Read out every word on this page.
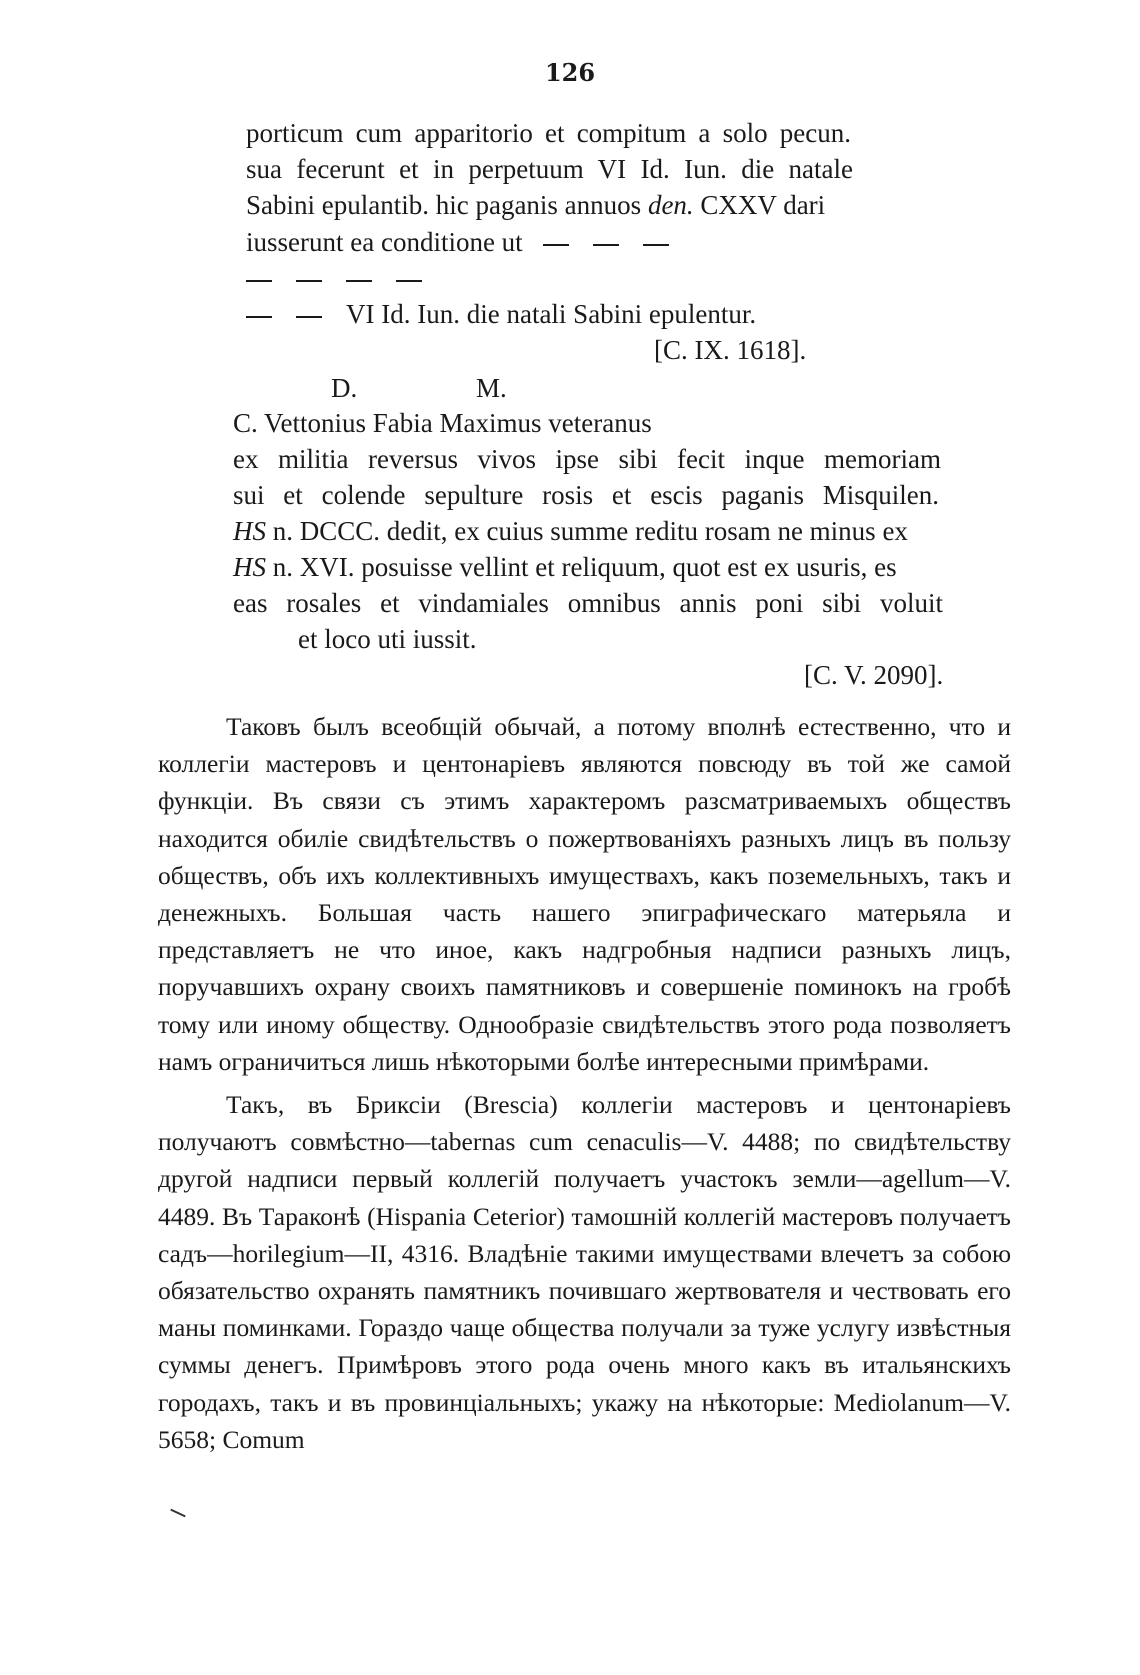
126
porticum cum apparitorio et compitum a solo pecun.
sua fecerunt et in perpetuum VI Id. Iun. die natale
Sabini epulantib. hic paganis annuos den. CXXV dari
iusserunt ea conditione ut
VI Id. Iun. die natali Sabini epulentur.
[C. IX. 1618].
D.	M.
C. Vettonius Fabia Maximus veteranus
ex militia reversus vivos ipse sibi fecit inque memoriam
sui et colende sepulture rosis et escis paganis Misquilen.
HS n. DCCC. dedit, ex cuius summe reditu rosam ne minus ex
HS n. XVI. posuisse vellint et reliquum, quot est ex usuris, es
eas rosales et vindamiales omnibus annis poni sibi voluit
et loco uti iussit.
[C. V. 2090].

Таковъ былъ всеобщій обычай, а потому вполнѣ естественно, что и коллегіи мастеровъ и центонаріевъ являются повсюду въ той же самой функціи. Въ связи съ этимъ характеромъ разсматриваемыхъ обществъ находится обиліе свидѣтельствъ о пожертвованіяхъ разныхъ лицъ въ пользу обществъ, объ ихъ коллективныхъ имуществахъ, какъ поземельныхъ, такъ и денежныхъ. Большая часть нашего эпиграфическаго матерьяла и представляетъ не что иное, какъ надгробныя надписи разныхъ лицъ, поручавшихъ охрану своихъ памятниковъ и совершеніе поминокъ на гробѣ тому или иному обществу. Однообразіе свидѣтельствъ этого рода позволяетъ намъ ограничиться лишь нѣкоторыми болѣе интересными примѣрами.

Такъ, въ Бриксіи (Brescia) коллегіи мастеровъ и центонаріевъ получаютъ совмѣстно—tabernas cum cenaculis—V. 4488; по свидѣтельству другой надписи первый коллегій получаетъ участокъ земли—agellum—V. 4489. Въ Тараконѣ (Hispania Ceterior) тамошній коллегій мастеровъ получаетъ садъ—horilegium—II, 4316. Владѣніе такими имуществами влечетъ за собою обязательство охранять памятникъ почившаго жертвователя и чествовать его маны поминками. Гораздо чаще общества получали за туже услугу извѣстныя суммы денегъ. Примѣровъ этого рода очень много какъ въ итальянскихъ городахъ, такъ и въ провинціальныхъ; укажу на нѣкоторые: Mediolanum—V. 5658; Comum
